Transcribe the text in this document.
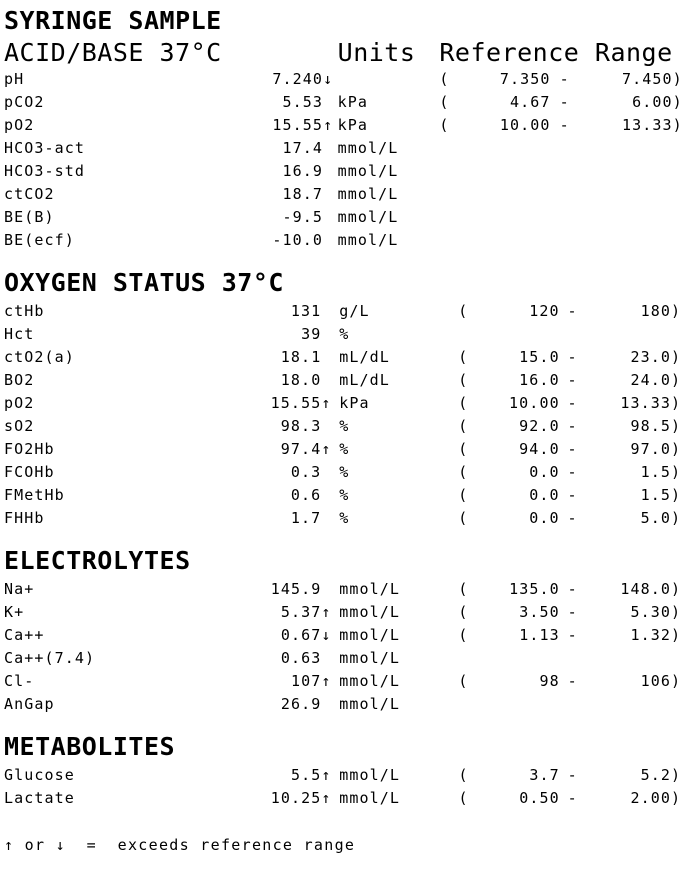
SYRINGE SAMPLE
ACID/BASE 37°C			Units	Reference Range				
pH	7.240	↓		(	7.350	-	7.450	)
pCO2	5.53		kPa	(	4.67	-	6.00	)
pO2	15.55	↑	kPa	(	10.00	-	13.33	)
HCO3-act	17.4		mmol/L					
HCO3-std	16.9		mmol/L					
ctCO2	18.7		mmol/L					
BE(B)	-9.5		mmol/L					
BE(ecf)	-10.0		mmol/L					
OXYGEN STATUS 37°C
ctHb	131		g/L	(	120	-	180	)
Hct	39		%					
ctO2(a)	18.1		mL/dL	(	15.0	-	23.0	)
BO2	18.0		mL/dL	(	16.0	-	24.0	)
pO2	15.55	↑	kPa	(	10.00	-	13.33	)
sO2	98.3		%	(	92.0	-	98.5	)
FO2Hb	97.4	↑	%	(	94.0	-	97.0	)
FCOHb	0.3		%	(	0.0	-	1.5	)
FMetHb	0.6		%	(	0.0	-	1.5	)
FHHb	1.7		%	(	0.0	-	5.0	)
ELECTROLYTES
Na+	145.9		mmol/L	(	135.0	-	148.0	)
K+	5.37	↑	mmol/L	(	3.50	-	5.30	)
Ca++	0.67	↓	mmol/L	(	1.13	-	1.32	)
Ca++(7.4)	0.63		mmol/L					
Cl-	107	↑	mmol/L	(	98	-	106	)
AnGap	26.9		mmol/L					
METABOLITES
Glucose	5.5	↑	mmol/L	(	3.7	-	5.2	)
Lactate	10.25	↑	mmol/L	(	0.50	-	2.00	)
↑ or ↓  =  exceeds reference range
